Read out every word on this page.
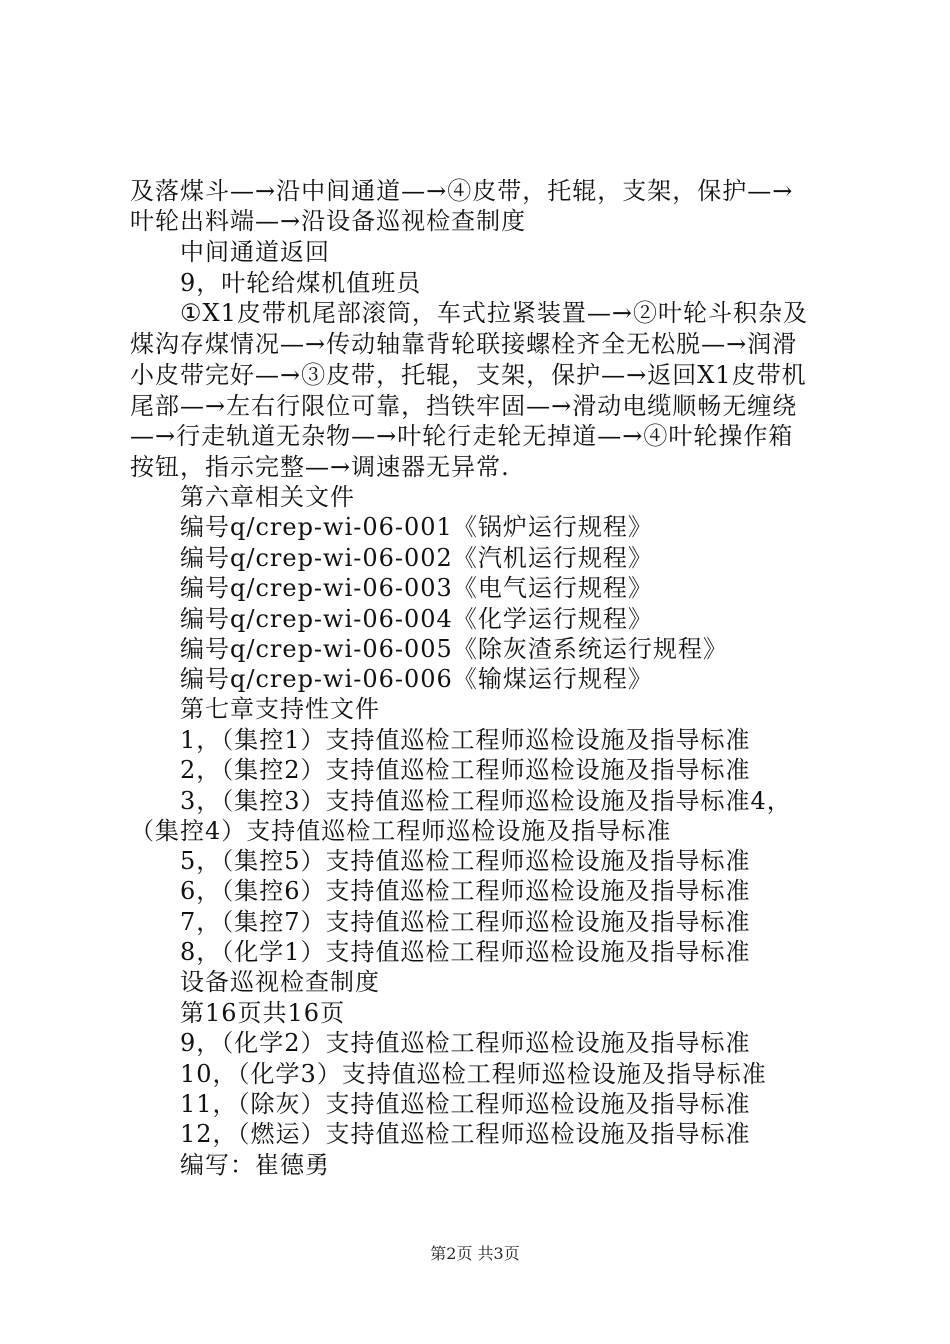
及落煤斗—→沿中间通道—→④皮带，托辊，支架，保护—→
叶轮出料端—→沿设备巡视检查制度
中间通道返回
9，叶轮给煤机值班员
①X1皮带机尾部滚筒，车式拉紧装置—→②叶轮斗积杂及
煤沟存煤情况—→传动轴靠背轮联接螺栓齐全无松脱—→润滑
小皮带完好—→③皮带，托辊，支架，保护—→返回X1皮带机
尾部—→左右行限位可靠，挡铁牢固—→滑动电缆顺畅无缠绕
—→行走轨道无杂物—→叶轮行走轮无掉道—→④叶轮操作箱
按钮，指示完整—→调速器无异常.
第六章相关文件
编号q/crep-wi-06-001《锅炉运行规程》
编号q/crep-wi-06-002《汽机运行规程》
编号q/crep-wi-06-003《电气运行规程》
编号q/crep-wi-06-004《化学运行规程》
编号q/crep-wi-06-005《除灰渣系统运行规程》
编号q/crep-wi-06-006《输煤运行规程》
第七章支持性文件
1，（集控1）支持值巡检工程师巡检设施及指导标准
2，（集控2）支持值巡检工程师巡检设施及指导标准
3，（集控3）支持值巡检工程师巡检设施及指导标准4，
（集控4）支持值巡检工程师巡检设施及指导标准
5，（集控5）支持值巡检工程师巡检设施及指导标准
6，（集控6）支持值巡检工程师巡检设施及指导标准
7，（集控7）支持值巡检工程师巡检设施及指导标准
8，（化学1）支持值巡检工程师巡检设施及指导标准
设备巡视检查制度
第16页共16页
9，（化学2）支持值巡检工程师巡检设施及指导标准
10，（化学3）支持值巡检工程师巡检设施及指导标准
11，（除灰）支持值巡检工程师巡检设施及指导标准
12，（燃运）支持值巡检工程师巡检设施及指导标准
编写：崔德勇
第2页 共3页
